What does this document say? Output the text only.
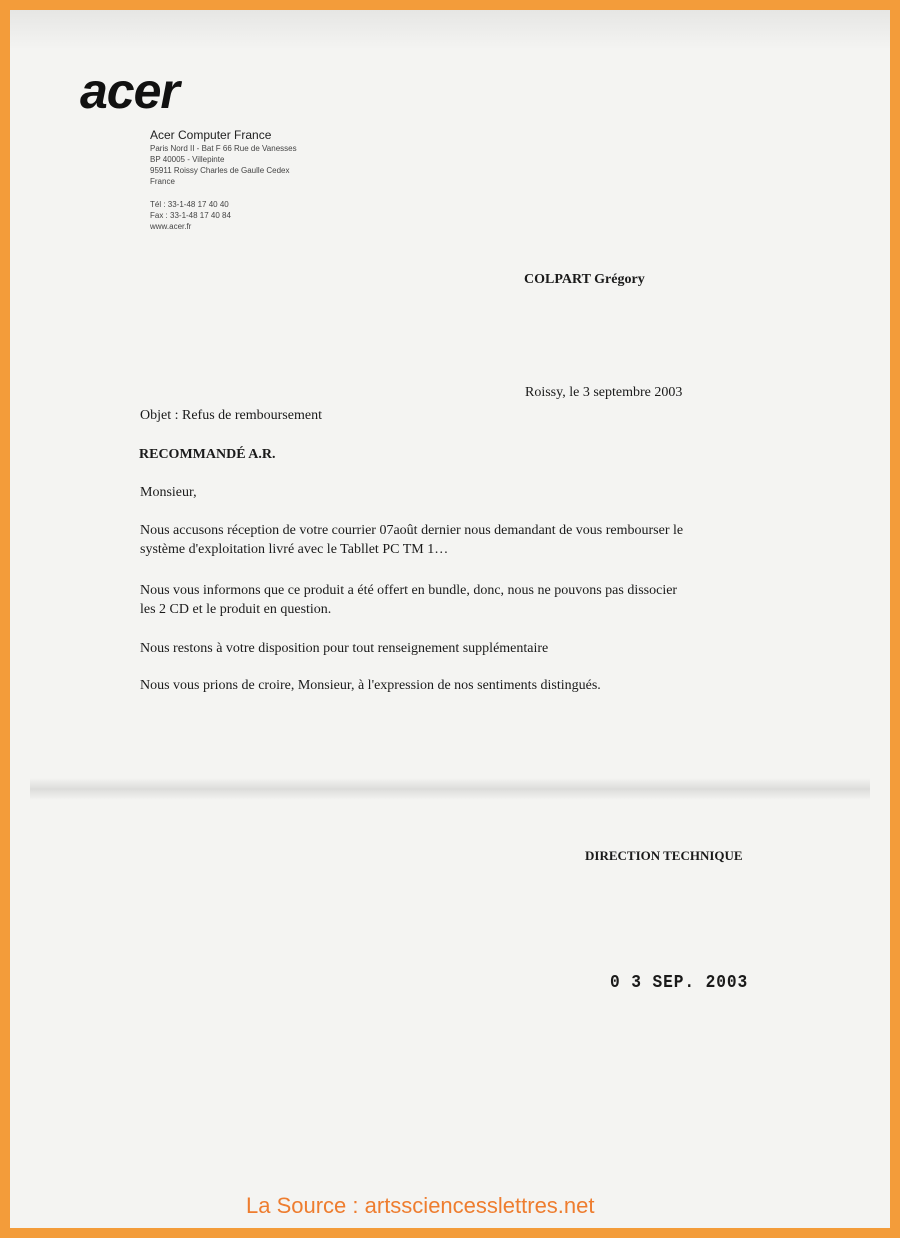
acer
Acer Computer France
Paris Nord II - Bat F 66 Rue de Vanesses
BP 40005 - Villepinte
95911 Roissy Charles de Gaulle Cedex
France
Tél : 33-1-48 17 40 40
Fax : 33-1-48 17 40 84
www.acer.fr
COLPART Grégory
Roissy, le 3 septembre 2003
Objet : Refus de remboursement
RECOMMANDÉ A.R.
Monsieur,
Nous accusons réception de votre courrier 07août dernier nous demandant de vous rembourser le
système d'exploitation livré avec le Tabllet PC TM 1…
Nous vous informons que ce produit a été offert en bundle, donc, nous ne pouvons pas dissocier
les 2 CD et le produit en question.
Nous restons à votre disposition pour tout renseignement supplémentaire
Nous vous prions de croire, Monsieur, à l'expression de nos sentiments distingués.
DIRECTION TECHNIQUE
0 3 SEP. 2003
La Source : artssciencesslettres.net
